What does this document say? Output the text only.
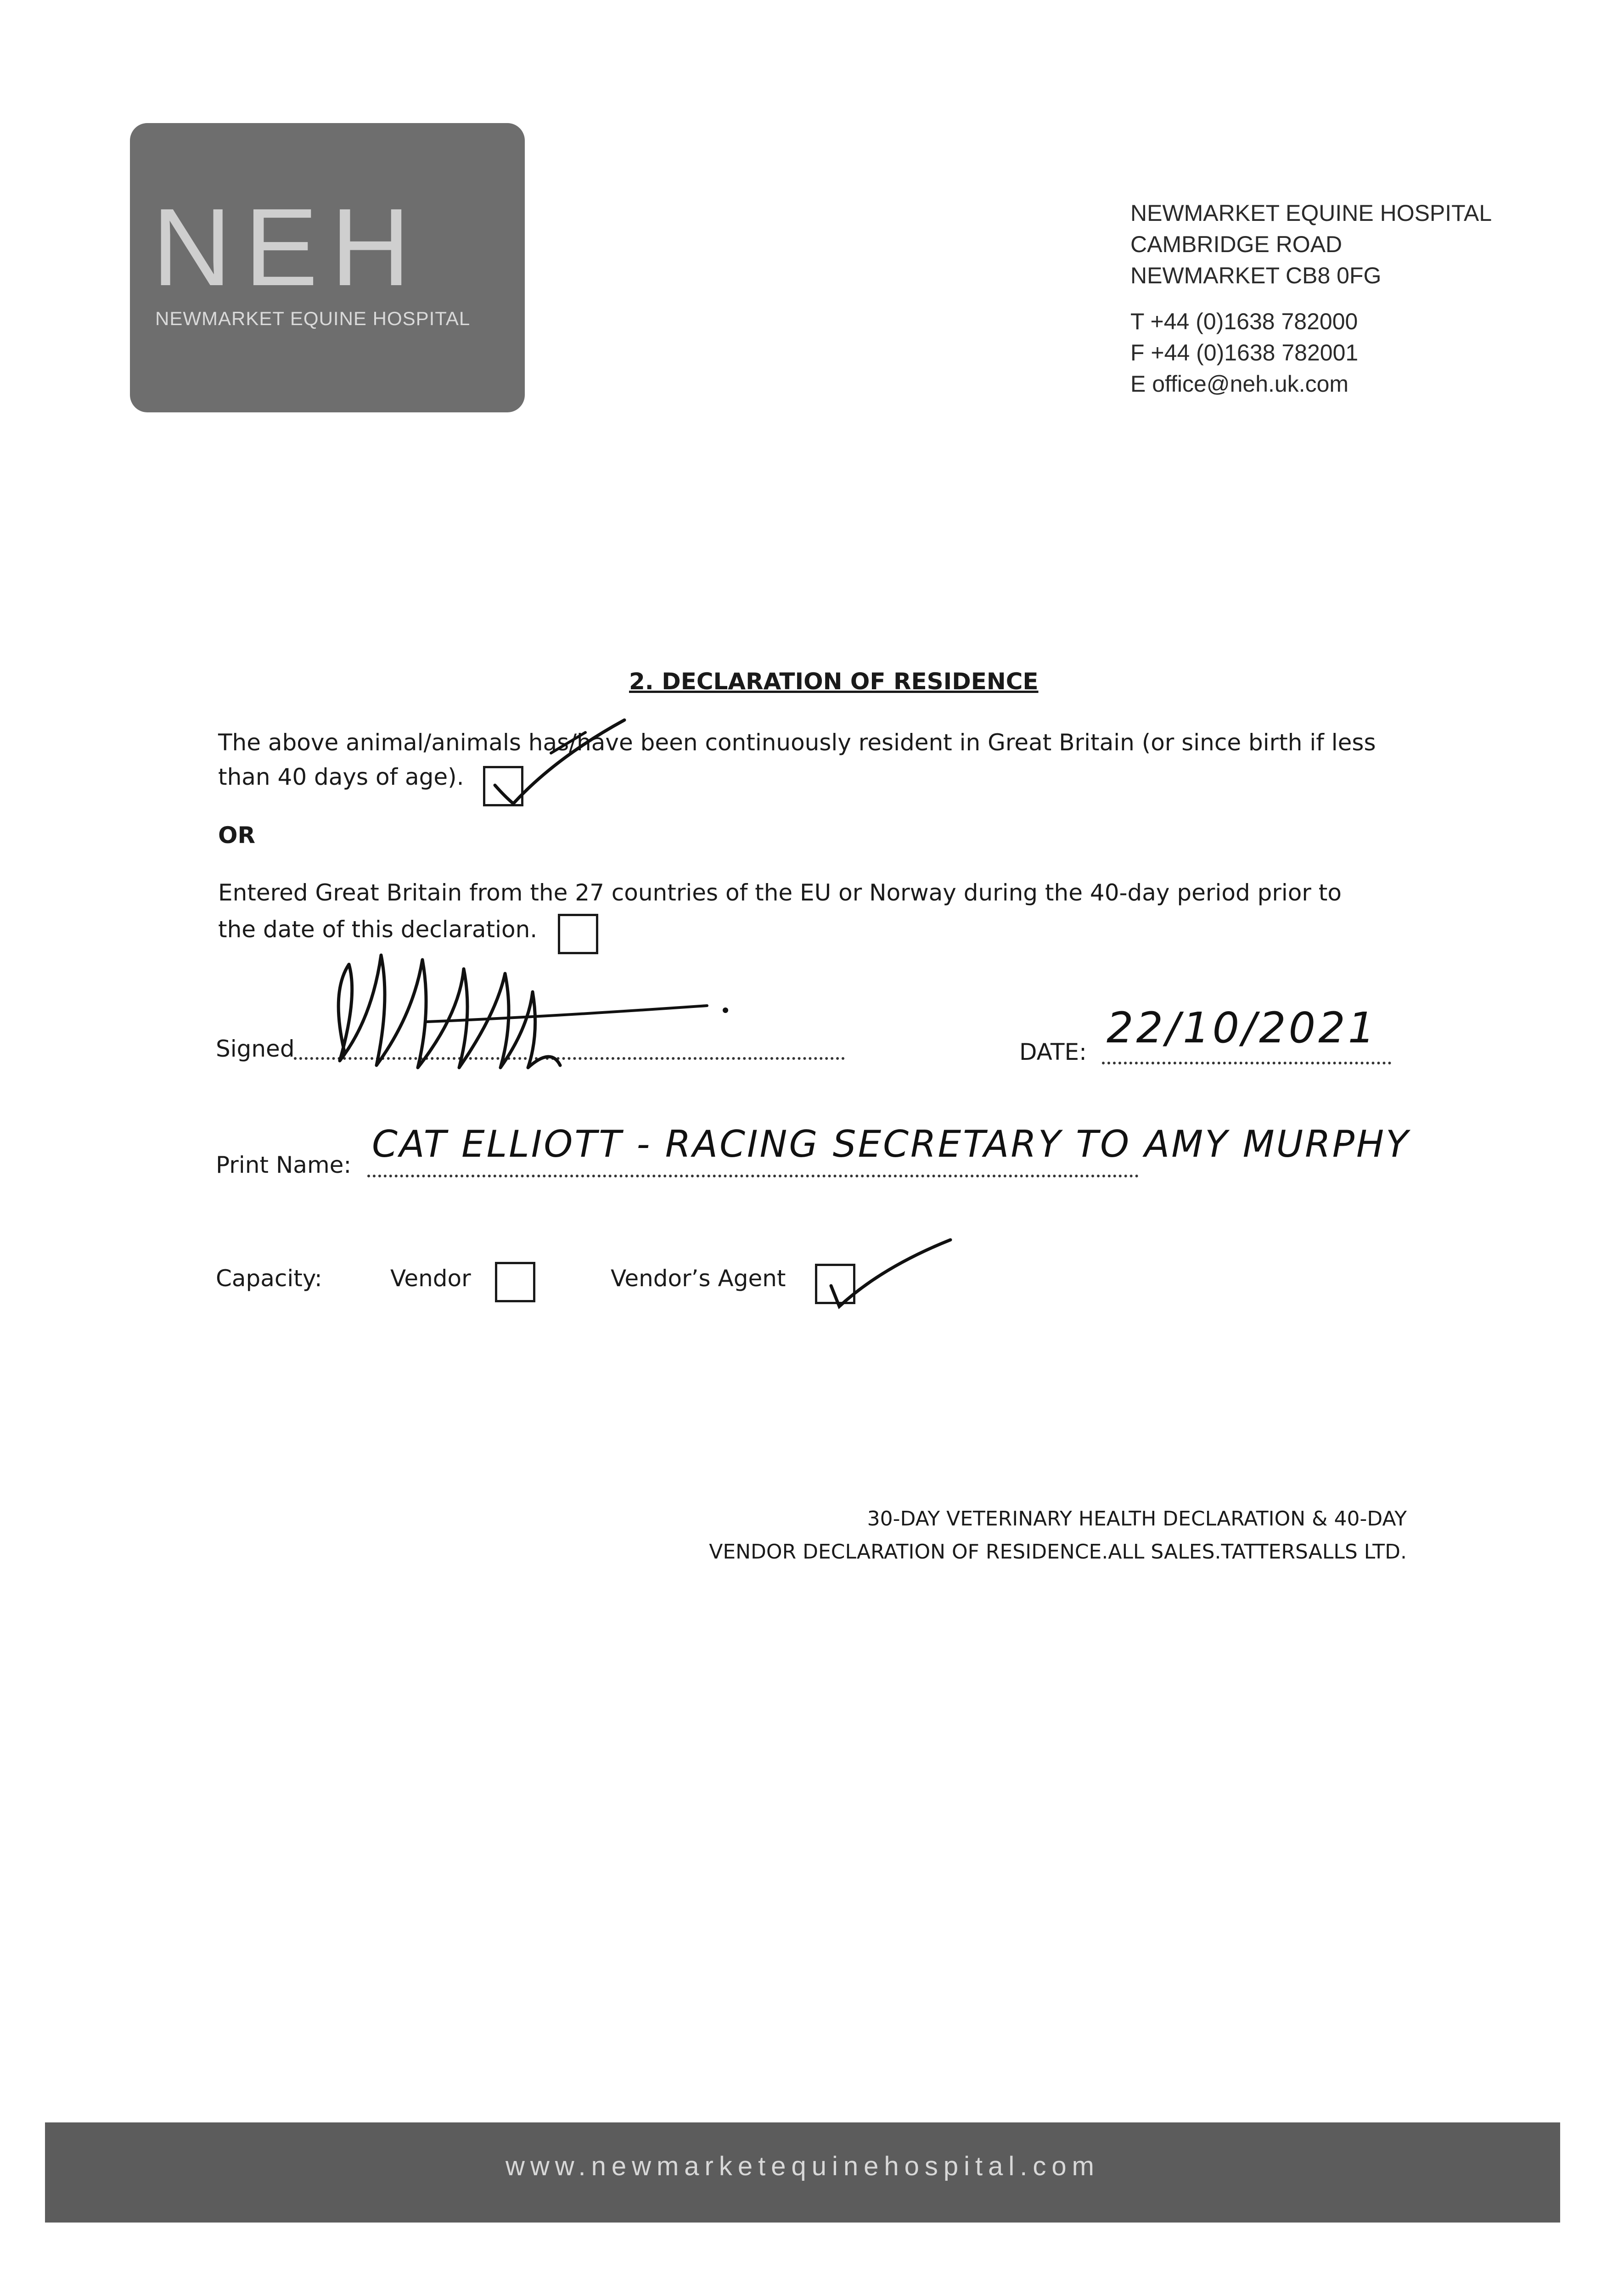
NEH
NEWMARKET EQUINE HOSPITAL
NEWMARKET EQUINE HOSPITAL
CAMBRIDGE ROAD
NEWMARKET CB8 0FG
T +44 (0)1638 782000
F +44 (0)1638 782001
E office@neh.uk.com
2. DECLARATION OF RESIDENCE
The above animal/animals has/have been continuously resident in Great Britain (or since birth if less
than 40 days of age).
OR
Entered Great Britain from the 27 countries of the EU or Norway during the 40-day period prior to
the date of this declaration.
Signed	DATE: 22/10/2021
Print Name: CAT ELLIOTT - RACING SECRETARY TO AMY MURPHY
Capacity:	Vendor	Vendor’s Agent
30-DAY VETERINARY HEALTH DECLARATION & 40-DAY
VENDOR DECLARATION OF RESIDENCE.ALL SALES.TATTERSALLS LTD.
www.newmarketequinehospital.com
